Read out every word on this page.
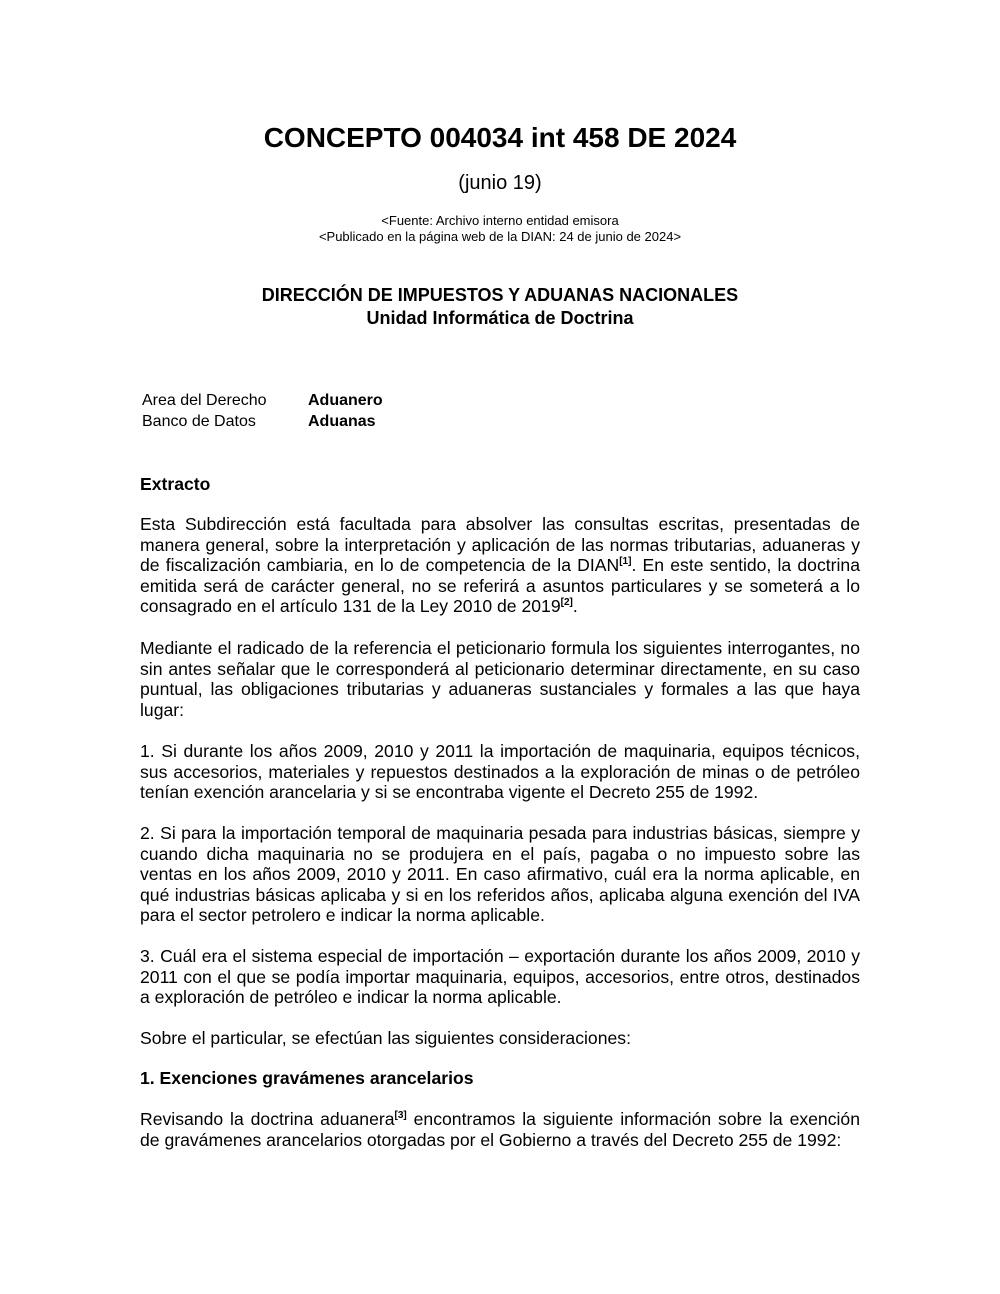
CONCEPTO 004034 int 458 DE 2024
(junio 19)
<Fuente: Archivo interno entidad emisora
<Publicado en la página web de la DIAN: 24 de junio de 2024>
DIRECCIÓN DE IMPUESTOS Y ADUANAS NACIONALES
Unidad Informática de Doctrina
Area del Derecho	Aduanero
Banco de Datos	Aduanas
Extracto
Esta Subdirección está facultada para absolver las consultas escritas, presentadas de manera general, sobre la interpretación y aplicación de las normas tributarias, aduaneras y de fiscalización cambiaria, en lo de competencia de la DIAN[1]. En este sentido, la doctrina emitida será de carácter general, no se referirá a asuntos particulares y se someterá a lo consagrado en el artículo 131 de la Ley 2010 de 2019[2].
Mediante el radicado de la referencia el peticionario formula los siguientes interrogantes, no sin antes señalar que le corresponderá al peticionario determinar directamente, en su caso puntual, las obligaciones tributarias y aduaneras sustanciales y formales a las que haya lugar:
1. Si durante los años 2009, 2010 y 2011 la importación de maquinaria, equipos técnicos, sus accesorios, materiales y repuestos destinados a la exploración de minas o de petróleo tenían exención arancelaria y si se encontraba vigente el Decreto 255 de 1992.
2. Si para la importación temporal de maquinaria pesada para industrias básicas, siempre y cuando dicha maquinaria no se produjera en el país, pagaba o no impuesto sobre las ventas en los años 2009, 2010 y 2011. En caso afirmativo, cuál era la norma aplicable, en qué industrias básicas aplicaba y si en los referidos años, aplicaba alguna exención del IVA para el sector petrolero e indicar la norma aplicable.
3. Cuál era el sistema especial de importación – exportación durante los años 2009, 2010 y 2011 con el que se podía importar maquinaria, equipos, accesorios, entre otros, destinados a exploración de petróleo e indicar la norma aplicable.
Sobre el particular, se efectúan las siguientes consideraciones:
1. Exenciones gravámenes arancelarios
Revisando la doctrina aduanera[3] encontramos la siguiente información sobre la exención de gravámenes arancelarios otorgadas por el Gobierno a través del Decreto 255 de 1992:
